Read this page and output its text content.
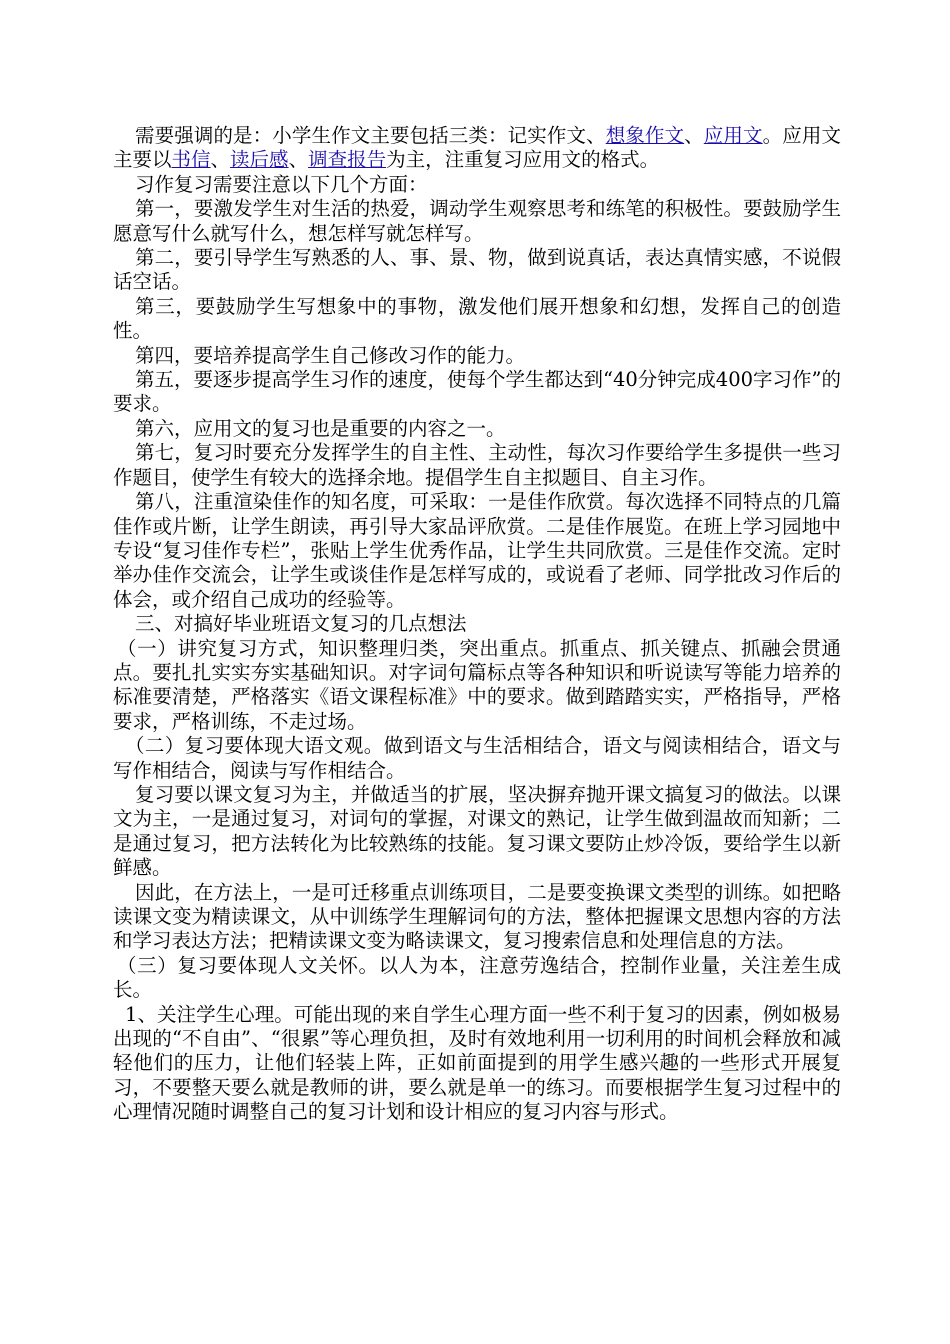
需要强调的是：小学生作文主要包括三类：记实作文、想象作文、应用文。应用文主要以书信、读后感、调查报告为主，注重复习应用文的格式。

习作复习需要注意以下几个方面：

第一，要激发学生对生活的热爱，调动学生观察思考和练笔的积极性。要鼓励学生愿意写什么就写什么，想怎样写就怎样写。

第二，要引导学生写熟悉的人、事、景、物，做到说真话，表达真情实感，不说假话空话。

第三，要鼓励学生写想象中的事物，激发他们展开想象和幻想，发挥自己的创造性。

第四，要培养提高学生自己修改习作的能力。

第五，要逐步提高学生习作的速度，使每个学生都达到“40分钟完成400字习作”的要求。

第六，应用文的复习也是重要的内容之一。

第七，复习时要充分发挥学生的自主性、主动性，每次习作要给学生多提供一些习作题目，使学生有较大的选择余地。提倡学生自主拟题目、自主习作。

第八，注重渲染佳作的知名度，可采取：一是佳作欣赏。每次选择不同特点的几篇佳作或片断，让学生朗读，再引导大家品评欣赏。二是佳作展览。在班上学习园地中专设“复习佳作专栏”，张贴上学生优秀作品，让学生共同欣赏。三是佳作交流。定时举办佳作交流会，让学生或谈佳作是怎样写成的，或说看了老师、同学批改习作后的体会，或介绍自己成功的经验等。

三、对搞好毕业班语文复习的几点想法

（一）讲究复习方式，知识整理归类，突出重点。抓重点、抓关键点、抓融会贯通点。要扎扎实实夯实基础知识。对字词句篇标点等各种知识和听说读写等能力培养的标准要清楚，严格落实《语文课程标准》中的要求。做到踏踏实实，严格指导，严格要求，严格训练，不走过场。

（二）复习要体现大语文观。做到语文与生活相结合，语文与阅读相结合，语文与写作相结合，阅读与写作相结合。

复习要以课文复习为主，并做适当的扩展，坚决摒弃抛开课文搞复习的做法。以课文为主，一是通过复习，对词句的掌握，对课文的熟记，让学生做到温故而知新；二是通过复习，把方法转化为比较熟练的技能。复习课文要防止炒冷饭，要给学生以新鲜感。

因此，在方法上，一是可迁移重点训练项目，二是要变换课文类型的训练。如把略读课文变为精读课文，从中训练学生理解词句的方法，整体把握课文思想内容的方法和学习表达方法；把精读课文变为略读课文，复习搜索信息和处理信息的方法。

（三）复习要体现人文关怀。以人为本，注意劳逸结合，控制作业量，关注差生成长。

1、关注学生心理。可能出现的来自学生心理方面一些不利于复习的因素，例如极易出现的“不自由”、“很累”等心理负担，及时有效地利用一切利用的时间机会释放和减轻他们的压力，让他们轻装上阵，正如前面提到的用学生感兴趣的一些形式开展复习，不要整天要么就是教师的讲，要么就是单一的练习。而要根据学生复习过程中的心理情况随时调整自己的复习计划和设计相应的复习内容与形式。
